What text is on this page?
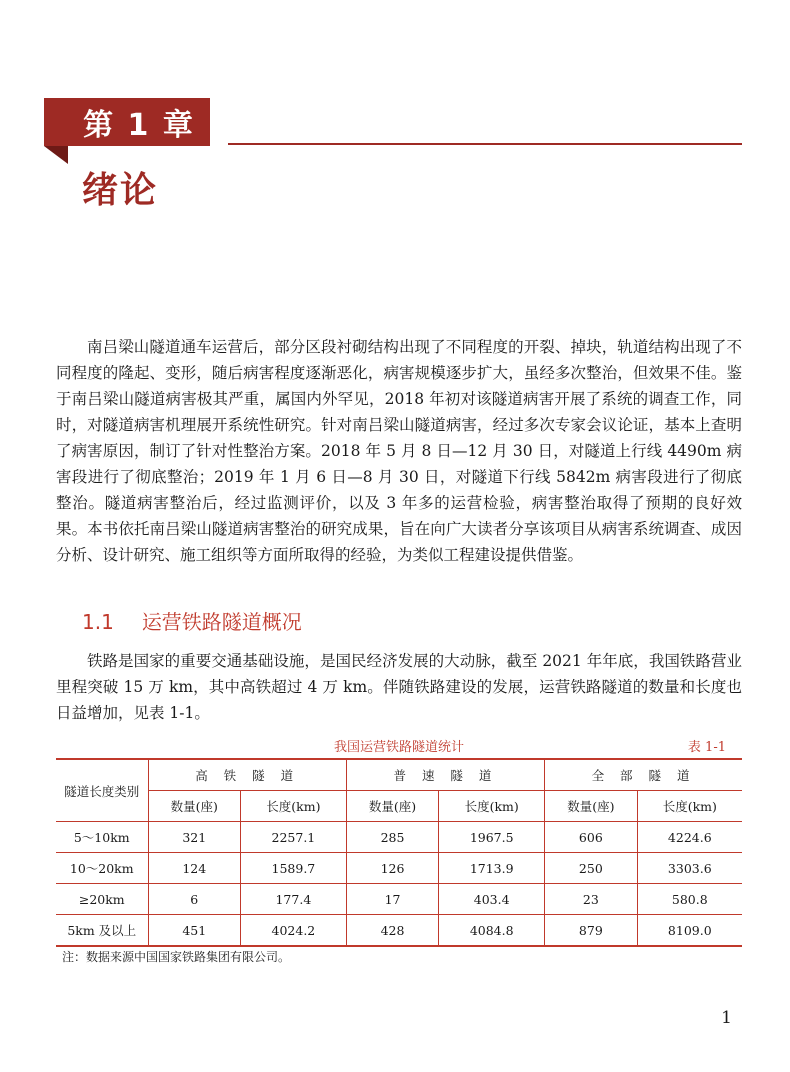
第 1 章
绪论

南吕梁山隧道通车运营后，部分区段衬砌结构出现了不同程度的开裂、掉块，轨道结构出现了不同程度的隆起、变形，随后病害程度逐渐恶化，病害规模逐步扩大，虽经多次整治，但效果不佳。鉴于南吕梁山隧道病害极其严重，属国内外罕见，2018 年初对该隧道病害开展了系统的调查工作，同时，对隧道病害机理展开系统性研究。针对南吕梁山隧道病害，经过多次专家会议论证，基本上查明了病害原因，制订了针对性整治方案。2018 年 5 月 8 日—12 月 30 日，对隧道上行线 4490m 病害段进行了彻底整治；2019 年 1 月 6 日—8 月 30 日，对隧道下行线 5842m 病害段进行了彻底整治。隧道病害整治后，经过监测评价，以及 3 年多的运营检验，病害整治取得了预期的良好效果。本书依托南吕梁山隧道病害整治的研究成果，旨在向广大读者分享该项目从病害系统调查、成因分析、设计研究、施工组织等方面所取得的经验，为类似工程建设提供借鉴。

1.1 运营铁路隧道概况

铁路是国家的重要交通基础设施，是国民经济发展的大动脉，截至 2021 年年底，我国铁路营业里程突破 15 万 km，其中高铁超过 4 万 km。伴随铁路建设的发展，运营铁路隧道的数量和长度也日益增加，见表 1-1。

我国运营铁路隧道统计	表 1-1
隧道长度类别	高 铁 隧 道		普 速 隧 道		全 部 隧 道	
	数量(座)	长度(km)	数量(座)	长度(km)	数量(座)	长度(km)
5～10km	321	2257.1	285	1967.5	606	4224.6
10～20km	124	1589.7	126	1713.9	250	3303.6
≥20km	6	177.4	17	403.4	23	580.8
5km 及以上	451	4024.2	428	4084.8	879	8109.0
注：数据来源中国国家铁路集团有限公司。
1
